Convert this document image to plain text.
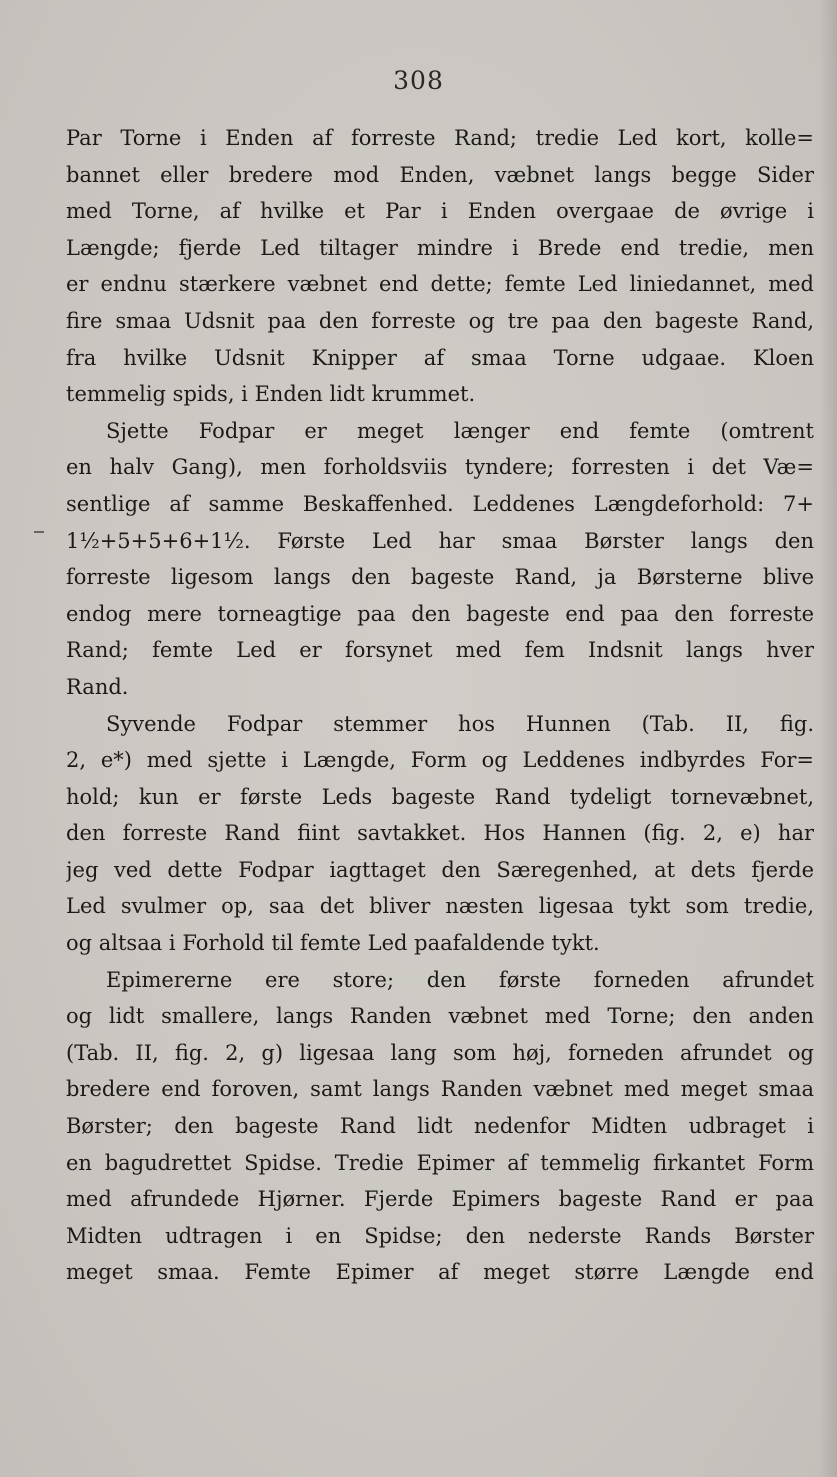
308
Par Torne i Enden af forreste Rand; tredie Led kort, kolle=
bannet eller bredere mod Enden, væbnet langs begge Sider
med Torne, af hvilke et Par i Enden overgaae de øvrige i
Længde; fjerde Led tiltager mindre i Brede end tredie, men
er endnu stærkere væbnet end dette; femte Led liniedannet, med
fire smaa Udsnit paa den forreste og tre paa den bageste Rand,
fra hvilke Udsnit Knipper af smaa Torne udgaae. Kloen
temmelig spids, i Enden lidt krummet.
Sjette Fodpar er meget længer end femte (omtrent
en halv Gang), men forholdsviis tyndere; forresten i det Væ=
sentlige af samme Beskaffenhed. Leddenes Længdeforhold: 7+
1½+5+5+6+1½. Første Led har smaa Børster langs den
forreste ligesom langs den bageste Rand, ja Børsterne blive
endog mere torneagtige paa den bageste end paa den forreste
Rand; femte Led er forsynet med fem Indsnit langs hver
Rand.
Syvende Fodpar stemmer hos Hunnen (Tab. II, fig.
2, e*) med sjette i Længde, Form og Leddenes indbyrdes For=
hold; kun er første Leds bageste Rand tydeligt tornevæbnet,
den forreste Rand fiint savtakket. Hos Hannen (fig. 2, e) har
jeg ved dette Fodpar iagttaget den Særegenhed, at dets fjerde
Led svulmer op, saa det bliver næsten ligesaa tykt som tredie,
og altsaa i Forhold til femte Led paafaldende tykt.
Epimererne ere store; den første forneden afrundet
og lidt smallere, langs Randen væbnet med Torne; den anden
(Tab. II, fig. 2, g) ligesaa lang som høj, forneden afrundet og
bredere end foroven, samt langs Randen væbnet med meget smaa
Børster; den bageste Rand lidt nedenfor Midten udbraget i
en bagudrettet Spidse. Tredie Epimer af temmelig firkantet Form
med afrundede Hjørner. Fjerde Epimers bageste Rand er paa
Midten udtragen i en Spidse; den nederste Rands Børster
meget smaa. Femte Epimer af meget større Længde end
